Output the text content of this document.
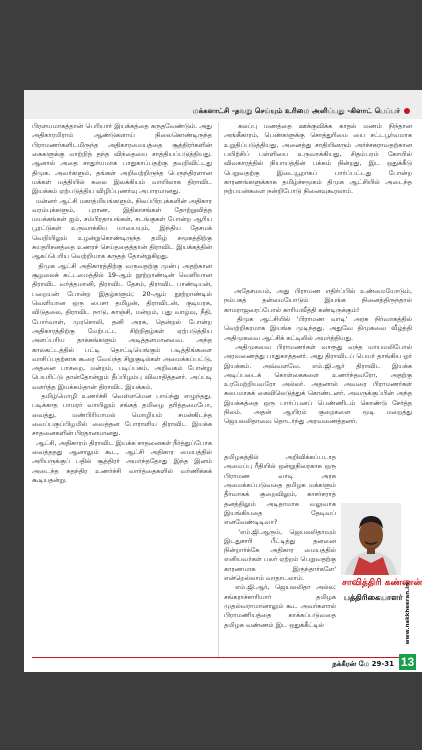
மக்களாட்சி -தவறு செய்யும் உரிமை அளிப்பது -கிளாட் பெப்பர்
பிரளயமாகத்தான் பெரியார் இயக்கத்தை கருதவேண்டும். அது அதிகாரமிராம் ஆண்டுகளாய் நிலைகொண்டிருந்த பிராமணர்களிடமிருந்த அதிகாரமையத்தை சூத்திரர்களின் கைகளுக்கு மாற்றித் தந்த விந்தையை சாத்தியப்படுத்தியது. ஆனால் அதை சாதுர்யமாக பாதுகாப்பதற்கு தவறிவிட்டது திமுக. அவர்களும், தங்கள் அறிவற்றிருந்த பெருந்திரளான மக்கள் மத்தியில் கலை இலக்கியம் வாயிலாக திராவிட இயக்கம் ஏற்படுத்திய விழிப்புணர்வு அபாரமானது.
மன்னர் ஆட்சி மகாத்மியங்களும், நிலப்பிரபுக்களின் அதிகார வரம்புக்களும், புராண, இதிகாசங்கள் தோற்றுவித்த மயக்கங்கள் ஐம், சம்பிரதாயங்கள், சடங்குகள் போன்ற ஆரிய பூரட்டுகள் உருவாக்கிய மாயையும், இந்திய தேசமக் வெறியிலும் உழன்றுகொண்டிருந்த தமிழ் சமூகத்திற்கு சுயதரிசனத்தை உணரச் செய்ததைத்தான் திராவிட இயக்கத்தின் ஆகப்பெரிய வெற்றியாக கருதத் தோன்றுகிறது.
திமுக ஆட்சி அதிகாரத்திற்கு வருவதற்கு முன்பு அதற்கான சூழலைக் கட்டமைத்தில் 19-ஆம் நூற்றாண்டின் வெளியான திராவிட வர்த்தமானி, திராவிட தேசம், திராவிட பாண்டியன், பறையன் போன்ற இதழ்களும்; 20-ஆம் நூற்றாண்டில் வெளியான ஒரு பைசா தமிழன், திராவிடன், குடியரசு, விடுதலை, திராவிட நாடு, காஞ்சி, மன்றம், புது வாழ்வு, நீதி, போர்வாள், முரசொலி, தனி அரசு, தென்றல் போன்ற அதிகாரத்திற்கு மேற்பட்ட சிற்றிதழ்கள் ஏற்படுத்திய அளப்பரிய தாக்கங்களும் அடித்தளமானவை. அந்த காலகட்டத்தில் பட்டி தொட்டியெங்கும் படித்திங்களை வாசிப்பதற்காக கூரை வேய்ந்த சிறுகுடில்கள் அமைக்கப்பட்டு, அதனை பாசறை, மன்றம், படிப்பகம், அறிவகம் போன்று பெயரிட்டு தான்தோன்றும் தீப்பிழம்பு விவாதித்தனர். அப்படி வளர்த்த இயக்கம்தான் திராவிட இயக்கம்.
தமிழ்மொழி உணர்ச்சி வெள்ளமென பாய்ந்து எழுந்தது. படிக்காத பாமரர் வாயிலும் சங்கத் தமிழை தரித்தமைபோ, வைத்து, மண்பிரியாமல் மொழியம் சமன்கிடந்த வைப்பகுப்பிழமில் வைத்தன போராளிய திராவிட இயக்க சாதனைகளின் பிரதானமானது.
ஆட்சி, அதிகாரம் திராவிட இயக்க சாதனைகள் நீர்த்துப்போக வைத்ததது ஆனாலும் கூட, ஆட்சி அதிகார மையத்தில் அரியருக்குப் பதில் சூத்திரர் அமர்ந்ததோது இந்த இனம் அடைந்த சுதந்திர உணர்ச்சி வார்த்தைகளில் வர்ணிக்கக் கூடியதன்று.
கலப்பு மணத்தை ஊக்குவிக்க காதல் மணம் நிந்தான அங்கீகாரம், பெண்களுக்கு சொத்துரிமை யை சட்டபூர்வமாக உறுதிப்படுத்தியது, அனைத்து சாதியினரும் அர்ச்சகராவதற்கான பயிற்சிப் பள்ளியை உருவாக்கியது, சிதம்பரம் கோயில் விவகாரத்தில் நியாயத்தின் பக்கம் நின்றது, இட ஒதுக்கீடு பெறுவதற்கு இடையூறாகப் பார்ப்பட்டது போன்ற காரணங்களுக்காக தமிழ்ச்சமூகம் திமுக ஆட்சியில் அடைந்த நற்பயன்களை நன்றிபோடு நினைவுகூரலாம்.
அதேசமயம், அது பிராமண எதிர்ப்பில் உண்மையோடும், நம்பகத் தன்மையோடும் இயங்க நினைத்திருந்தால் காமராஜரைப்போல் காரியவீத்தி கண்டிருக்கும்!
திமுக ஆட்சியில் 'பிராமண வாடி' அரசு நிர்வாகத்தில் வெற்றிகரமாக இயங்க முடிந்தது. அதுவே திமுகவை வீழ்த்தி அதிமுகவை ஆட்சிக் கட்டிலில் அமர்த்தியது.
அதிமுகவை பிராமணர்கள் வாரூது வந்த மாயமலிபோல் அரவணைத்து பாதுகாத்தனர். அது திராவிடப் பெயர் தாங்கிய ஓர் இயக்கம். அவ்வளவே. எம்.ஜி.ஆர் திராவிட இயக்க அடிப்படைக் கொள்கைகளை உணர்ந்தவரோ, அதற்கு உரமேற்றியவரோ அல்லர். அதனால் அவரை பிராமணர்கள் சுலபமாகக் கைவிலெடுத்துக் கொண்டனர். அவருக்குப்பின் அந்த இயக்கத்தை ஒரு பார்ப்பனப் பெண்ணிடம் கொண்டு சேர்த்த நிலம். அதன் ஆயிரம் குறைகளை மூடி மறைத்து ஜெயலலிதாவை தொடர்ந்து அரவணைத்தனர்.
தமிழகத்தில் அறிவிக்கப்படாத அமைப்பு ரீதியில் ஒன்றுநிரைகாக ஒரு பிராமண வாடி அரசு அமைக்கப்படுவதை தமிழக மக்களும் தீர்வாகக் குறைவிலும், காசர்சராத் தனத்திலும் அடிதாமாக வலுவாக இயங்கியதை தேடிவப் எனவேண்டிடிவா?
'எம்.ஜி.ஆரும், ஜெயலலிதாவும் இடதுசாரி பீட்டித்து தனனை நின்றார்க்கே அதிகார மையத்தில் எனியவர்கள் பலர் ஏற்றம் பெறுவதற்கு காரணமாக இருந்தார்களே' என்றெல்லாம் வாதாடலாம்.
எம்.ஜி.ஆர், ஜெயலலிதா அல்ல; சங்கராச்சாரியார் தமிழக முதல்வராமானாலும் கூட அவர்களால் பிராமணியத்தை காக்கப்படுவதை தமிழக வண்ணம் இட ஒதுக்கீட்டில்
சாவித்திரி கண்ணன்
பத்திரிகையாளர் www.nakkheeran.in
நக்கீரன் மே 29-31 13
